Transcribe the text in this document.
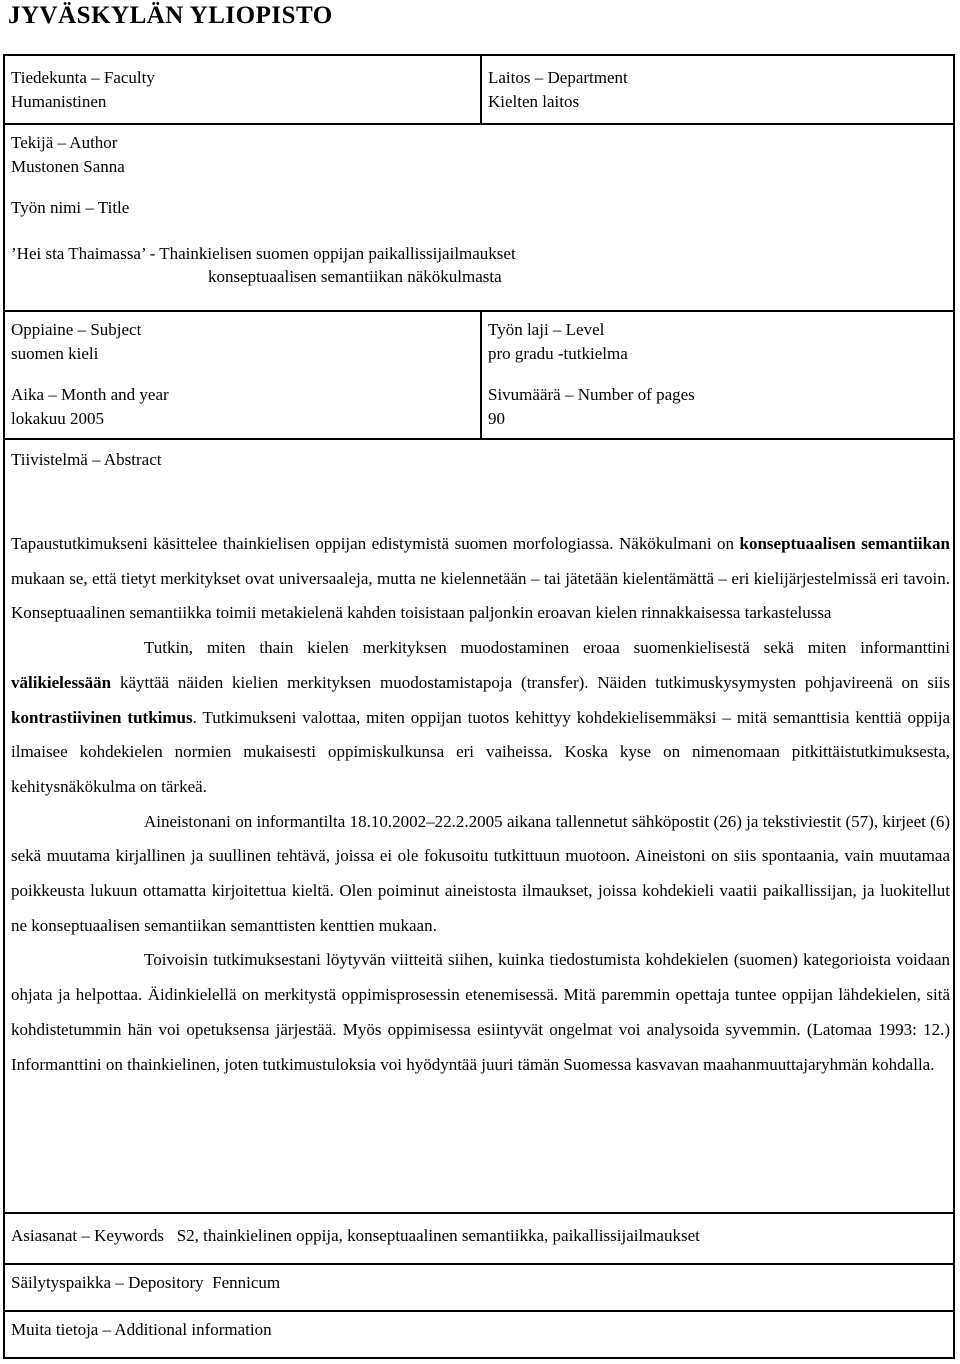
JYVÄSKYLÄN YLIOPISTO
Tiedekunta – Faculty
Humanistinen
Laitos – Department
Kielten laitos
Tekijä – Author
Mustonen Sanna
Työn nimi – Title
’Hei sta Thaimassa’ - Thainkielisen suomen oppijan paikallissijailmaukset
konseptuaalisen semantiikan näkökulmasta
Oppiaine – Subject
suomen kieli
Työn laji – Level
pro gradu -tutkielma
Aika – Month and year
lokakuu 2005
Sivumäärä – Number of pages
90
Tiivistelmä – Abstract

Tapaustutkimukseni käsittelee thainkielisen oppijan edistymistä suomen morfologiassa. Näkökulmani on konseptuaalisen semantiikan mukaan se, että tietyt merkitykset ovat universaaleja, mutta ne kielennetään – tai jätetään kielentämättä – eri kielijärjestelmissä eri tavoin. Konseptuaalinen semantiikka toimii metakielenä kahden toisistaan paljonkin eroavan kielen rinnakkaisessa tarkastelussa

Tutkin, miten thain kielen merkityksen muodostaminen eroaa suomenkielisestä sekä miten informanttini välikielessään käyttää näiden kielien merkityksen muodostamistapoja (transfer). Näiden tutkimuskysymysten pohjavireenä on siis kontrastiivinen tutkimus. Tutkimukseni valottaa, miten oppijan tuotos kehittyy kohdekielisemmäksi – mitä semanttisia kenttiä oppija ilmaisee kohdekielen normien mukaisesti oppimiskulkunsa eri vaiheissa. Koska kyse on nimenomaan pitkittäistutkimuksesta, kehitysnäkökulma on tärkeä.

Aineistonani on informantilta 18.10.2002–22.2.2005 aikana tallennetut sähköpostit (26) ja tekstiviestit (57), kirjeet (6) sekä muutama kirjallinen ja suullinen tehtävä, joissa ei ole fokusoitu tutkittuun muotoon. Aineistoni on siis spontaania, vain muutamaa poikkeusta lukuun ottamatta kirjoitettua kieltä. Olen poiminut aineistosta ilmaukset, joissa kohdekieli vaatii paikallissijan, ja luokitellut ne konseptuaalisen semantiikan semanttisten kenttien mukaan.

Toivoisin tutkimuksestani löytyvän viitteitä siihen, kuinka tiedostumista kohdekielen (suomen) kategorioista voidaan ohjata ja helpottaa. Äidinkielellä on merkitystä oppimisprosessin etenemisessä. Mitä paremmin opettaja tuntee oppijan lähdekielen, sitä kohdistetummin hän voi opetuksensa järjestää. Myös oppimisessa esiintyvät ongelmat voi analysoida syvemmin. (Latomaa 1993: 12.) Informanttini on thainkielinen, joten tutkimustuloksia voi hyödyntää juuri tämän Suomessa kasvavan maahanmuuttajaryhmän kohdalla.

Asiasanat – Keywords S2, thainkielinen oppija, konseptuaalinen semantiikka, paikallissijailmaukset
Säilytyspaikka – Depository Fennicum
Muita tietoja – Additional information
